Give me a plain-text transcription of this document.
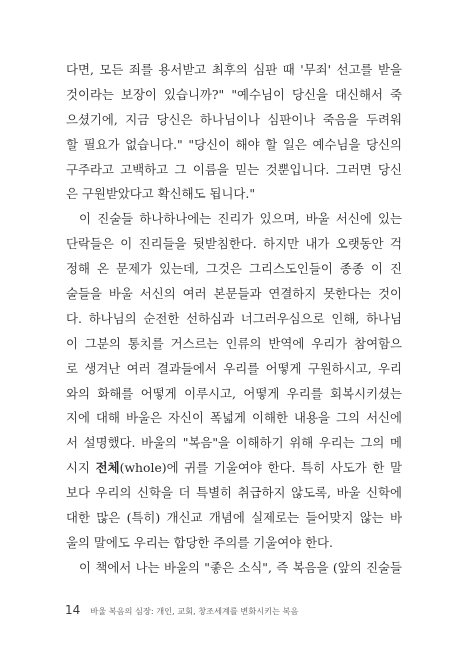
다면, 모든 죄를 용서받고 최후의 심판 때 '무죄' 선고를 받을
것이라는 보장이 있습니까?" "예수님이 당신을 대신해서 죽
으셨기에, 지금 당신은 하나님이나 심판이나 죽음을 두려워
할 필요가 없습니다." "당신이 해야 할 일은 예수님을 당신의
구주라고 고백하고 그 이름을 믿는 것뿐입니다. 그러면 당신
은 구원받았다고 확신해도 됩니다."
이 진술들 하나하나에는 진리가 있으며, 바울 서신에 있는
단락들은 이 진리들을 뒷받침한다. 하지만 내가 오랫동안 걱
정해 온 문제가 있는데, 그것은 그리스도인들이 종종 이 진
술들을 바울 서신의 여러 본문들과 연결하지 못한다는 것이
다. 하나님의 순전한 선하심과 너그러우심으로 인해, 하나님
이 그분의 통치를 거스르는 인류의 반역에 우리가 참여함으
로 생겨난 여러 결과들에서 우리를 어떻게 구원하시고, 우리
와의 화해를 어떻게 이루시고, 어떻게 우리를 회복시키셨는
지에 대해 바울은 자신이 폭넓게 이해한 내용을 그의 서신에
서 설명했다. 바울의 "복음"을 이해하기 위해 우리는 그의 메
시지 전체(whole)에 귀를 기울여야 한다. 특히 사도가 한 말
보다 우리의 신학을 더 특별히 취급하지 않도록, 바울 신학에
대한 많은 (특히) 개신교 개념에 실제로는 들어맞지 않는 바
울의 말에도 우리는 합당한 주의를 기울여야 한다.
이 책에서 나는 바울의 "좋은 소식", 즉 복음을 (앞의 진술들
14 바울 복음의 심장: 개인, 교회, 창조세계를 변화시키는 복음
